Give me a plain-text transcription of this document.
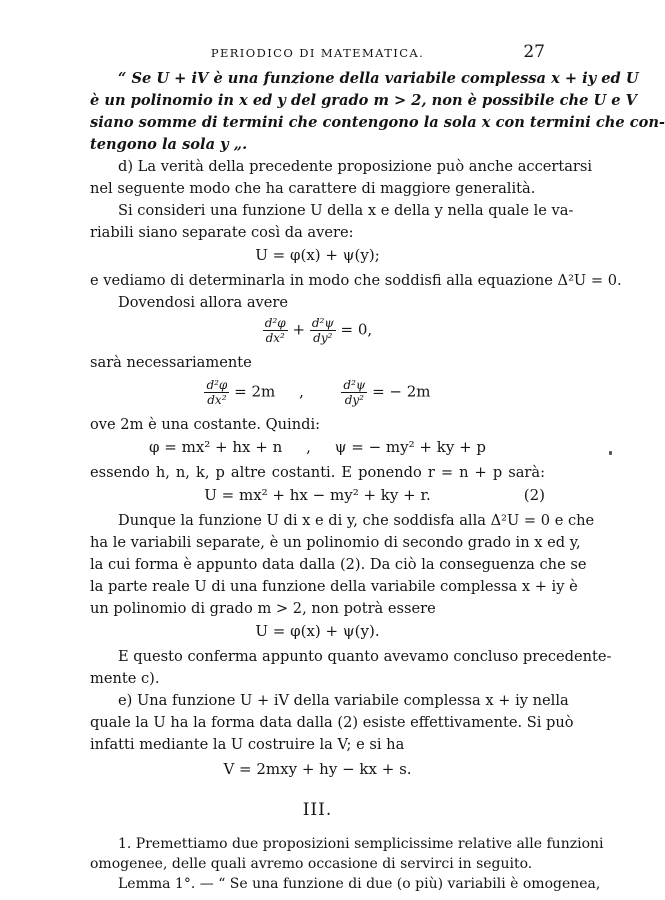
PERIODICO DI MATEMATICA.	27
“ Se U + iV è una funzione della variabile complessa x + iy ed U
è un polinomio in x ed y del grado m > 2, non è possibile che U e V
siano somme di termini che contengono la sola x con termini che con-
tengono la sola y „.
d) La verità della precedente proposizione può anche accertarsi
nel seguente modo che ha carattere di maggiore generalità.
Si consideri una funzione U della x e della y nella quale le va-
riabili siano separate così da avere:
U = φ(x) + ψ(y);
e vediamo di determinarla in modo che soddisfi alla equazione Δ²U = 0.
Dovendosi allora avere
$\frac{\text{d²φ}}{\text{dx²}} + \frac{\text{d²ψ}}{\text{dy²}} = 0$,
sarà necessariamente
$\frac{\text{d²φ}}{\text{dx²}} = 2m$     ,	$\frac{\text{d²ψ}}{\text{dy²}}$ = − 2m
ove 2m è una costante. Quindi:
φ = mx² + hx + n     ,     ψ = − my² + ky + p
essendo h, n, k, p altre costanti. E ponendo r = n + p sarà:
U = mx² + hx − my² + ky + r.	(2)
Dunque la funzione U di x e di y, che soddisfa alla Δ²U = 0 e che
ha le variabili separate, è un polinomio di secondo grado in x ed y,
la cui forma è appunto data dalla (2). Da ciò la conseguenza che se
la parte reale U di una funzione della variabile complessa x + iy è
un polinomio di grado m > 2, non potrà essere
U = φ(x) + ψ(y).
E questo conferma appunto quanto avevamo concluso precedente-
mente c).
e) Una funzione U + iV della variabile complessa x + iy nella
quale la U ha la forma data dalla (2) esiste effettivamente. Si può
infatti mediante la U costruire la V; e si ha
V = 2mxy + hy − kx + s.
III.
1. Premettiamo due proposizioni semplicissime relative alle funzioni
omogenee, delle quali avremo occasione di servirci in seguito.
Lemma 1°. — “ Se una funzione di due (o più) variabili è omogenea,
